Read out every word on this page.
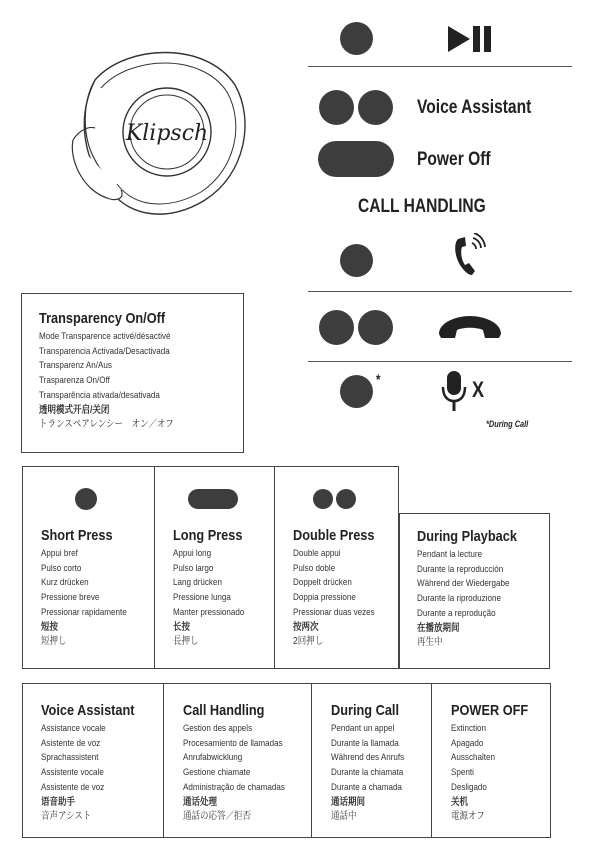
Klipsch
Voice Assistant
Power Off
CALL HANDLING
*	X
*During Call
Transparency On/Off
Mode Transparence activé/désactivé
Transparencia Activada/Desactivada
Transparenz An/Aus
Trasparenza On/Off
Transparência ativada/desativada
透明模式开启/关闭
トランスペアレンシー　オン／オフ
Short Press
Appui bref
Pulso corto
Kurz drücken
Pressione breve
Pressionar rapidamente
短按
短押し
Long Press
Appui long
Pulso largo
Lang drücken
Pressione lunga
Manter pressionado
长按
長押し
Double Press
Double appui
Pulso doble
Doppelt drücken
Doppia pressione
Pressionar duas vezes
按两次
2回押し
During Playback
Pendant la lecture
Durante la reproducción
Während der Wiedergabe
Durante la riproduzione
Durante a reprodução
在播放期间
再生中
Voice Assistant
Assistance vocale
Asistente de voz
Sprachassistent
Assistente vocale
Assistente de voz
语音助手
音声アシスト
Call Handling
Gestion des appels
Procesamiento de llamadas
Anrufabwicklung
Gestione chiamate
Administração de chamadas
通话处理
通話の応答／拒否
During Call
Pendant un appel
Durante la llamada
Während des Anrufs
Durante la chiamata
Durante a chamada
通话期间
通話中
POWER OFF
Extinction
Apagado
Ausschalten
Spenti
Desligado
关机
電源オフ
